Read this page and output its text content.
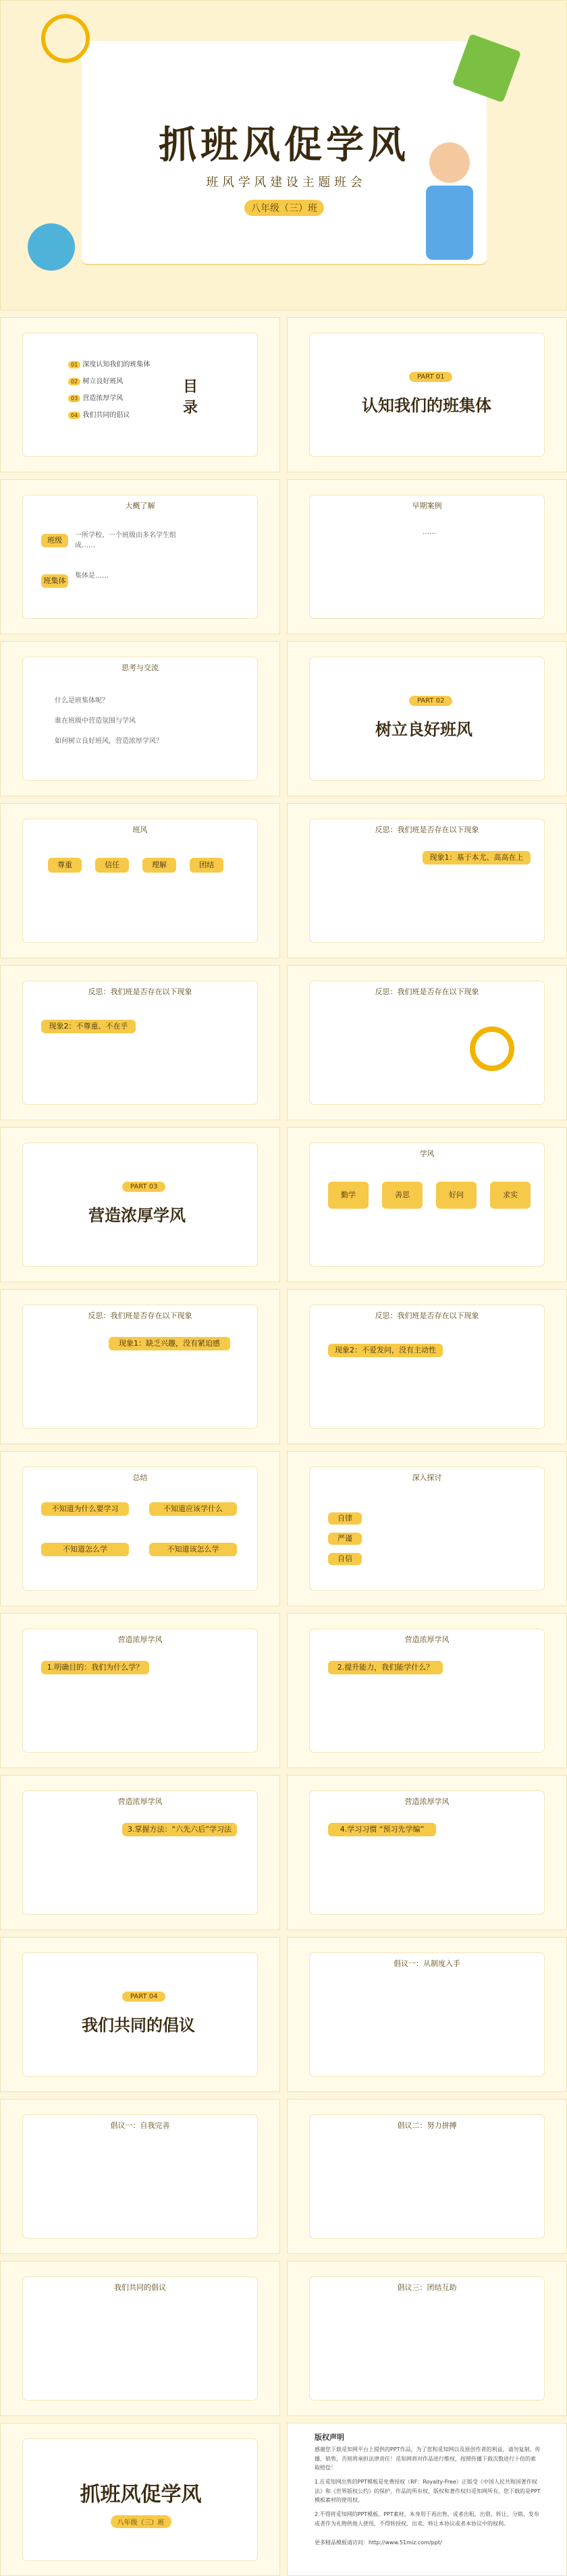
抓班风促学风
班 风 学 风 建 设 主 题 班 会
八年级（三）班
目录
01 深度认知我们的班集体
02 树立良好班风
03 营造浓厚学风
04 我们共同的倡议
PART 01
认知我们的班集体
大概了解
班级
班集体
一所学校、一个班级由多名学生组成……
集体是……
早期案例
……
思考与交流
什么是班集体呢？
谁在班级中营造氛围与学风
如何树立良好班风，营造浓厚学风？
PART 02
树立良好班风
班风
尊重	信任	理解	团结
反思：我们班是否存在以下现象
现象1：基于本尤、高高在上
反思：我们班是否存在以下现象
现象2：不尊重、不在乎
反思：我们班是否存在以下现象
PART 03
营造浓厚学风
学风
勤学	善思	好问	求实
反思：我们班是否存在以下现象
现象1：缺乏兴趣，没有紧迫感
反思：我们班是否存在以下现象
现象2：不爱发问，没有主动性
总结
不知道为什么要学习	不知道应该学什么
不知道怎么学	不知道该怎么学
深入探讨
自律
严谨
自信
营造浓厚学风
1.明确目的：我们为什么学？
营造浓厚学风
2.提升能力，我们能学什么？
营造浓厚学风
3.掌握方法：“六先六后”学习法
营造浓厚学风
4.学习习惯 “预习先学编”
PART 04
我们共同的倡议
倡议一：从制度入手
倡议一：自我完善	倡议二：努力拼搏
我们共同的倡议	倡议三：团结互助
抓班风促学风
八年级（三）班
版权声明
感谢您下载觅知网平台上提供的PPT作品，为了您和觅知网以及原创作者的利益，请勿复制、传播、销售，否则将承担法律责任！觅知网将对作品进行维权，按照传播下载次数进行十倍的索取赔偿！
1.在觅知网出售的PPT模板是免费授权（RF：Royalty-Free）正版受《中国人民共和国著作权法》和《世界版权公约》的保护，作品的所有权、版权和著作权归觅知网所有，您下载的是PPT模板素材的使用权。
2.不得将觅知网的PPT模板、PPT素材，本身用于再出售，或者出租、出借、转让、分销、发布或者作为礼物供他人使用，不得转授权、出卖、转让本协议或者本协议中的权利。
更多精品模板请访问：http://www.51miz.com/ppt/
